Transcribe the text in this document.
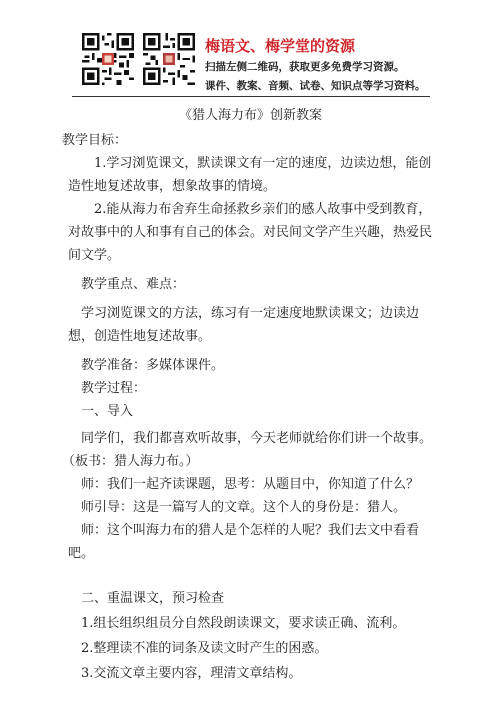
梅语文、梅学堂的资源
扫描左侧二维码，获取更多免费学习资源。
课件、教案、音频、试卷、知识点等学习资料。

《猎人海力布》创新教案

教学目标：

1.学习浏览课文，默读课文有一定的速度，边读边想，能创造性地复述故事，想象故事的情境。

2.能从海力布舍弃生命拯救乡亲们的感人故事中受到教育，对故事中的人和事有自己的体会。对民间文学产生兴趣，热爱民间文学。

教学重点、难点：

学习浏览课文的方法，练习有一定速度地默读课文；边读边想，创造性地复述故事。

教学准备：多媒体课件。

教学过程：

一、导入

同学们，我们都喜欢听故事，今天老师就给你们讲一个故事。

（板书：猎人海力布。）

师：我们一起齐读课题，思考：从题目中，你知道了什么？

师引导：这是一篇写人的文章。这个人的身份是：猎人。

师：这个叫海力布的猎人是个怎样的人呢？我们去文中看看吧。

二、重温课文，预习检查

1.组长组织组员分自然段朗读课文，要求读正确、流利。

2.整理读不准的词条及读文时产生的困惑。

3.交流文章主要内容，理清文章结构。
